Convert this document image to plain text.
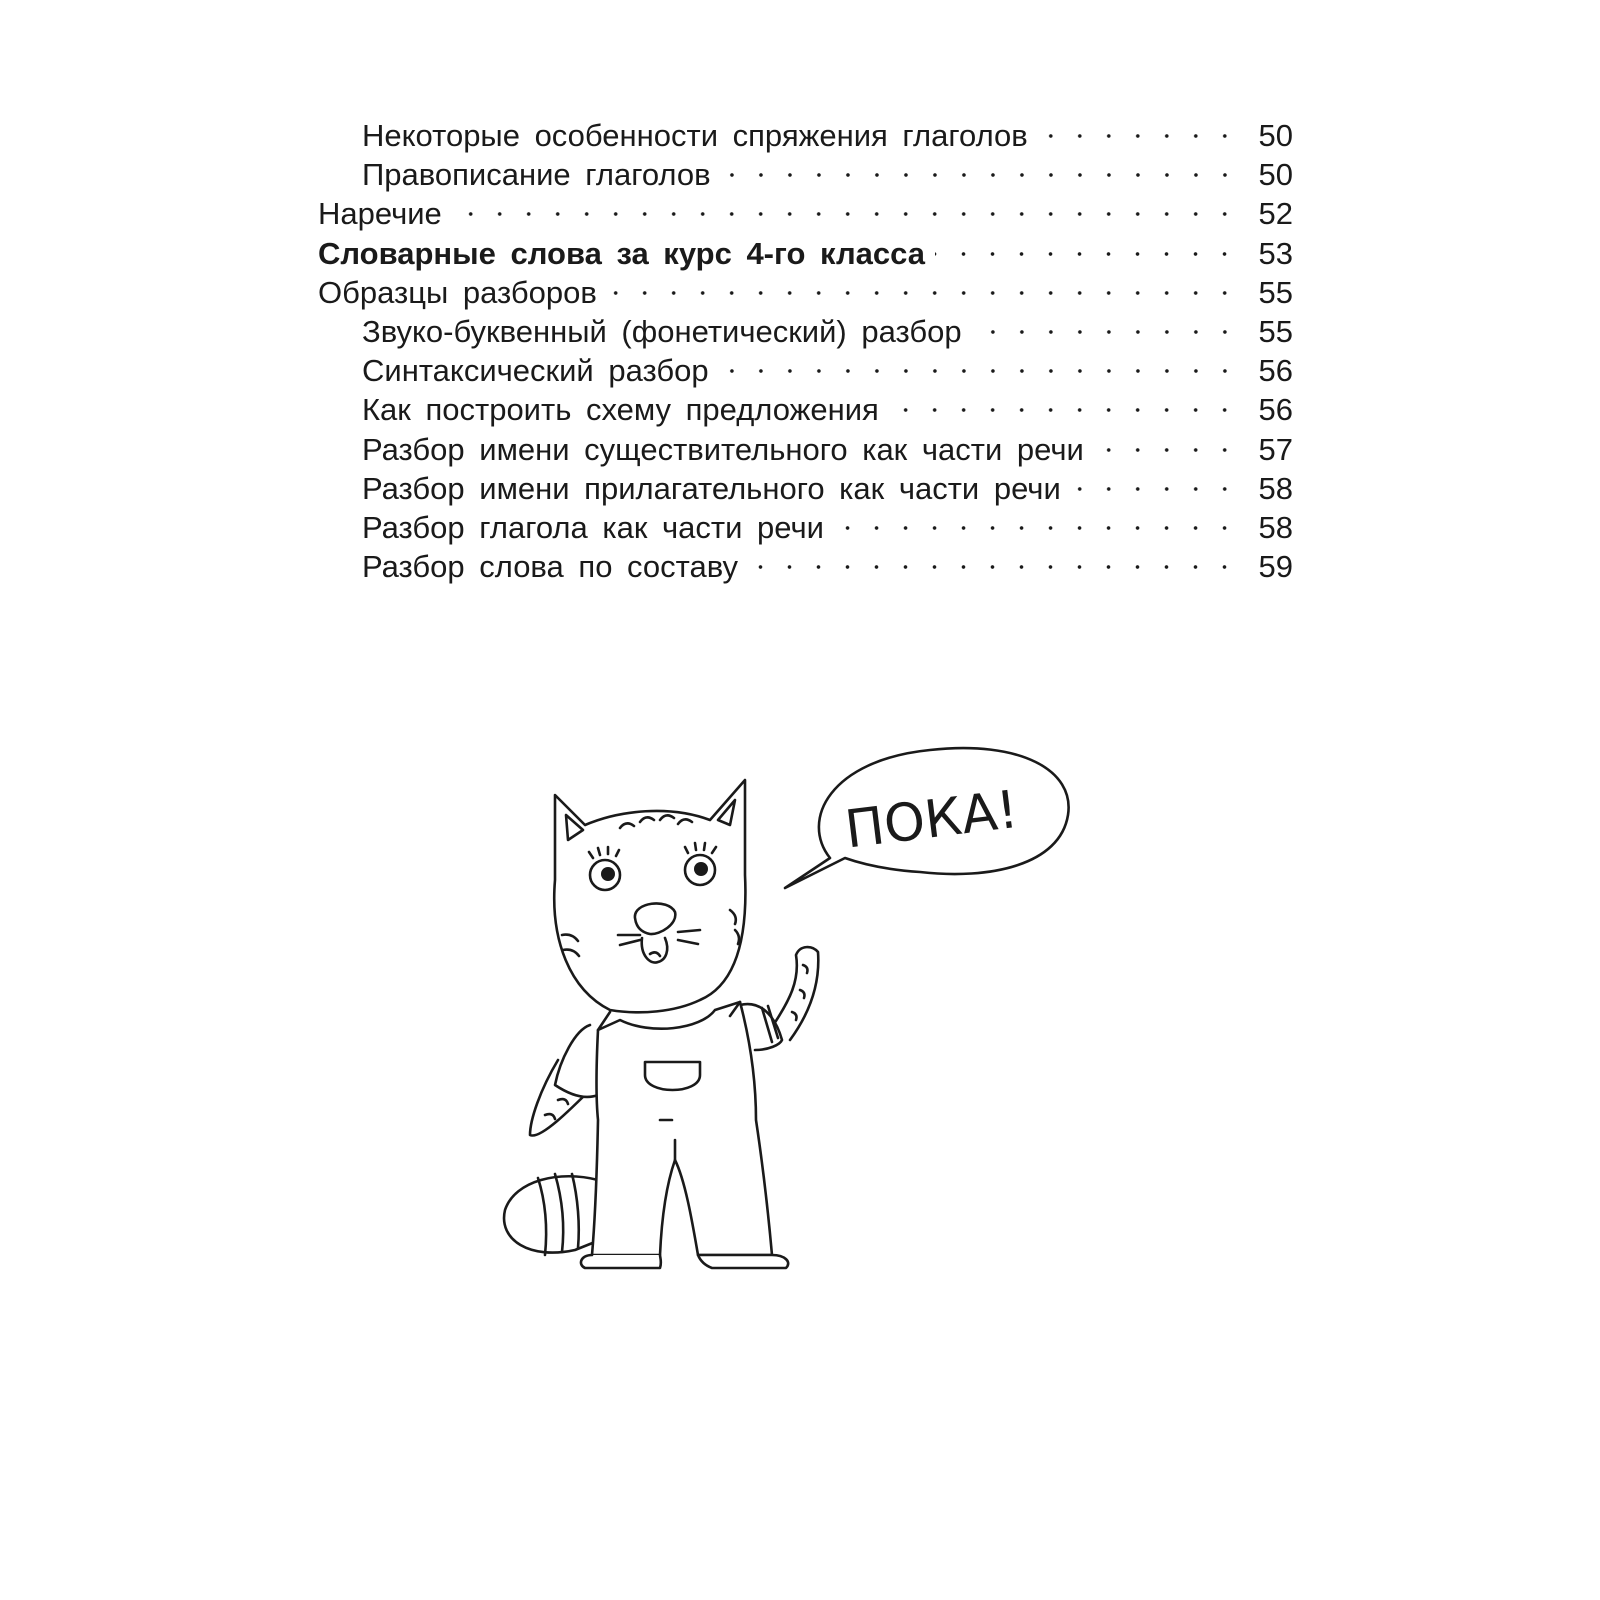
Некоторые особенности спряжения глаголов	50
Правописание глаголов	50
Наречие	52
Словарные слова за курс 4-го класса	53
Образцы разборов	55
Звуко-буквенный (фонетический) разбор	55
Синтаксический разбор	56
Как построить схему предложения	56
Разбор имени существительного как части речи	57
Разбор имени прилагательного как части речи	58
Разбор глагола как части речи	58
Разбор слова по составу	59
ПОКА!
